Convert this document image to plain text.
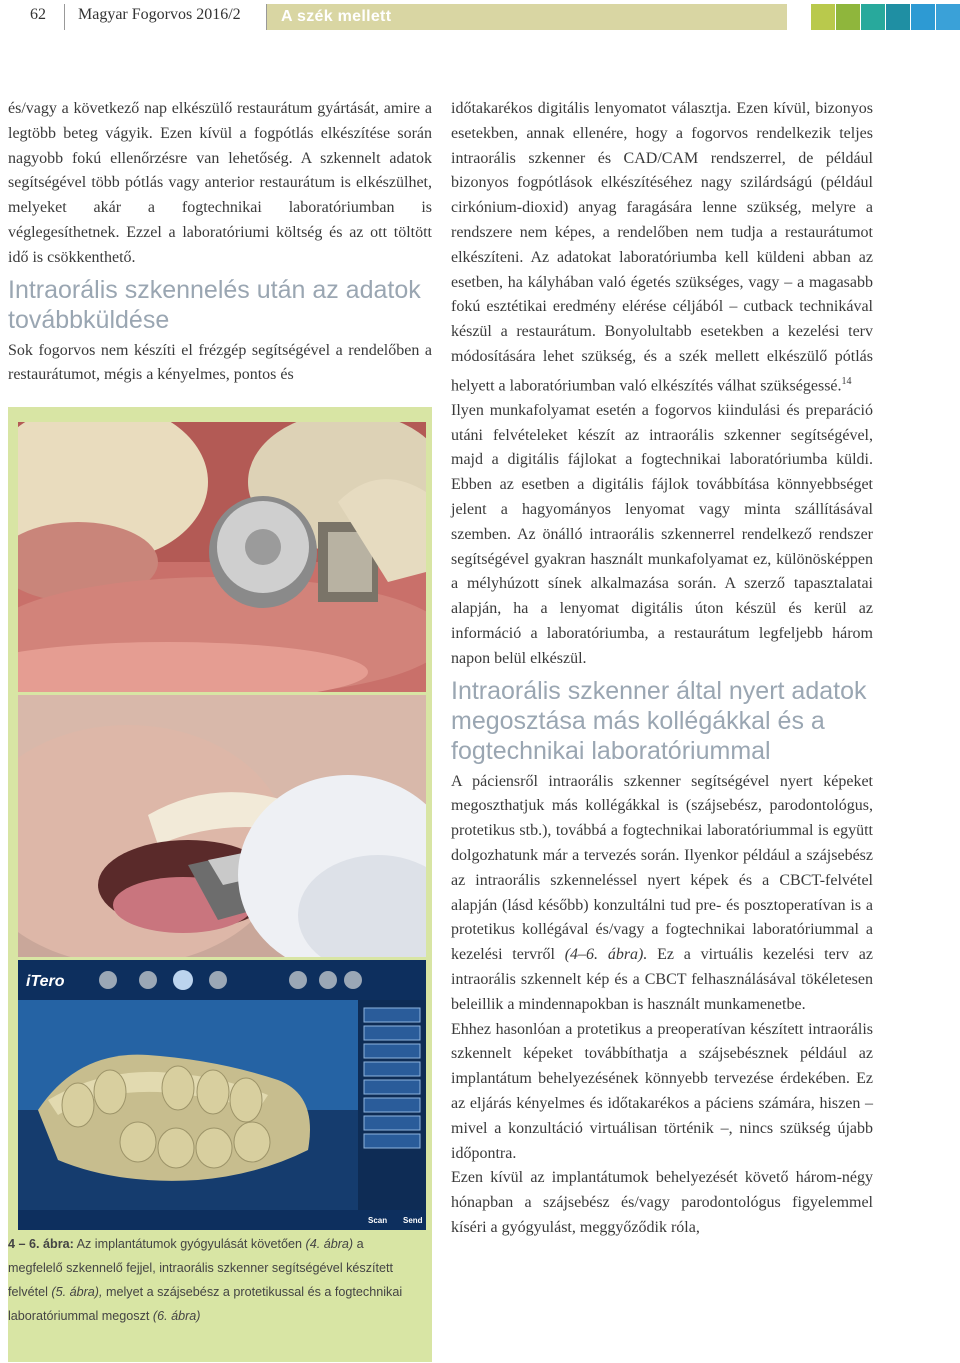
62 Magyar Fogorvos 2016/2	A szék mellett

és/vagy a következő nap elkészülő restaurátum gyártását, amire a legtöbb beteg vágyik. Ezen kívül a fogpótlás elkészítése során nagyobb fokú ellenőrzésre van lehetőség. A szkennelt adatok segítségével több pótlás vagy anterior restaurátum is elkészülhet, melyeket akár a fogtechnikai laboratóriumban is véglegesíthetnek. Ezzel a laboratóriumi költség és az ott töltött idő is csökkenthető.

Intraorális szkennelés után az adatok továbbküldése

Sok fogorvos nem készíti el frézgép segítségével a rendelőben a restaurátumot, mégis a kényelmes, pontos és

Scan Send
iTero
4 – 6. ábra: Az implantátumok gyógyulását követően (4. ábra) a megfelelő szkennelő fejjel, intraorális szkenner segítségével készített felvétel (5. ábra), melyet a szájsebész a protetikussal és a fogtechnikai laboratóriummal megoszt (6. ábra)

időtakarékos digitális lenyomatot választja. Ezen kívül, bizonyos esetekben, annak ellenére, hogy a fogorvos rendelkezik teljes intraorális szkenner és CAD/CAM rendszerrel, de például bizonyos fogpótlások elkészítéséhez nagy szilárdságú (például cirkónium-dioxid) anyag faragására lenne szükség, melyre a rendszere nem képes, a rendelőben nem tudja a restaurátumot elkészíteni. Az adatokat laboratóriumba kell küldeni abban az esetben, ha kályhában való égetés szükséges, vagy – a magasabb fokú esztétikai eredmény elérése céljából – cutback technikával készül a restaurátum. Bonyolultabb esetekben a kezelési terv módosítására lehet szükség, és a szék mellett elkészülő pótlás helyett a laboratóriumban való elkészítés válhat szükségessé.$^{14}$

Ilyen munkafolyamat esetén a fogorvos kiindulási és preparáció utáni felvételeket készít az intraorális szkenner segítségével, majd a digitális fájlokat a fogtechnikai laboratóriumba küldi. Ebben az esetben a digitális fájlok továbbítása könnyebbséget jelent a hagyományos lenyomat vagy minta szállításával szemben. Az önálló intraorális szkennerrel rendelkező rendszer segítségével gyakran használt munkafolyamat ez, különösképpen a mélyhúzott sínek alkalmazása során. A szerző tapasztalatai alapján, ha a lenyomat digitális úton készül és kerül az információ a laboratóriumba, a restaurátum legfeljebb három napon belül elkészül.

Intraorális szkenner által nyert adatok megosztása más kollégákkal és a fogtechnikai laboratóriummal

A páciensről intraorális szkenner segítségével nyert képeket megoszthatjuk más kollégákkal is (szájsebész, parodontológus, protetikus stb.), továbbá a fogtechnikai laboratóriummal is együtt dolgozhatunk már a tervezés során. Ilyenkor például a szájsebész az intraorális szkenneléssel nyert képek és a CBCT-felvétel alapján (lásd később) konzultálni tud pre- és posztoperatívan is a protetikus kollégával és/vagy a fogtechnikai laboratóriummal a kezelési tervről (4–6. ábra). Ez a virtuális kezelési terv az intraorális szkennelt kép és a CBCT felhasználásával tökéletesen beleillik a mindennapokban is használt munkamenetbe.

Ehhez hasonlóan a protetikus a preoperatívan készített intraorális szkennelt képeket továbbíthatja a szájsebésznek például az implantátum behelyezésének könnyebb tervezése érdekében. Ez az eljárás kényelmes és időtakarékos a páciens számára, hiszen – mivel a konzultáció virtuálisan történik –, nincs szükség újabb időpontra.

Ezen kívül az implantátumok behelyezését követő három-négy hónapban a szájsebész és/vagy parodontológus figyelemmel kíséri a gyógyulást, meggyőződik róla,
